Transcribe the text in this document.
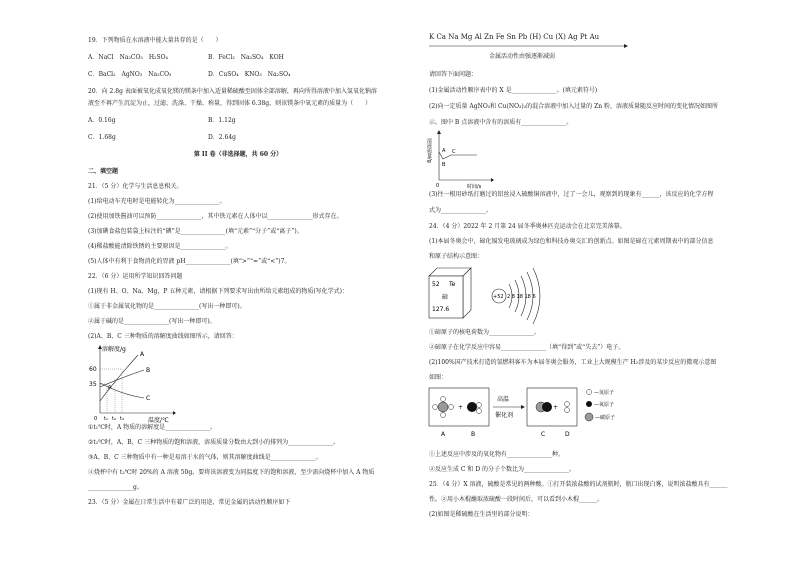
19．下列物质在水溶液中能大量共存的是（　　）
A．NaCl　Na₂CO₃　H₂SO₄	B．FeCl₃　Na₂SO₄　KOH
C．BaCl₂　AgNO₃　Na₂CO₃	D．CuSO₄　KNO₃　Na₂SO₄
20．向 2.8g 表面被氧化成氧化镁的镁条中加入适量稀硫酸至固体全部溶解，再向所得溶液中加入氢氧化钠溶
液至不再产生沉淀为止，过滤、洗涤、干燥、称量，得到固体 6.38g，则该镁条中氧元素的质量为（　　）
A．0.16g	B．1.12g
C．1.68g	D．2.64g
第 II 卷（非选择题，共 60 分）
二、填空题
21．（5 分）化学与生活息息相关。
(1)给电动车充电时是电能转化为_______________。
(2)使用加铁酱油可以预防_______________，其中铁元素在人体中以_______________形式存在。
(3)加碘食盐包装袋上标注的“碘”是_______________(填“元素”“分子”或“离子”)。
(4)稀盐酸能清除铁锈的主要原因是_______________。
(5)人体中有利于食物消化的胃液 pH_______________(填“>”“=”或“<”)7。
22．（6 分）运用所学知识回答问题
(1)现有 H、O、Na、Mg、P 五种元素，请根据下列要求写出由所给元素组成的物质(写化学式)：
①属于非金属氧化物的是_______________(写出一种即可)。
②属于碱的是_______________(写出一种即可)。
(2)A、B、C 三种物质的溶解度曲线如图所示，请回答：
溶解度/g
温度/℃
60
35
0 t₁ t₂ t₃
A
B
C
P
①t₁℃时，A 物质的溶解度是_______________。
②t₂℃时，A、B、C 三种物质的饱和溶液，溶质质量分数由大到小的排列为_______________。
③A、B、C 三种物质中有一种是易溶于水的气体，则其溶解度曲线是_______________。
④烧杯中有 t₂℃时 20%的 A 溶液 50g，要将该溶液变为同温度下的饱和溶液，至少需向烧杯中加入 A 物质
_______________g。
23．（5 分）金属在日常生活中有着广泛的用途，常见金属的活动性顺序如下
K Ca Na Mg Al Zn Fe Sn Pb (H) Cu (X) Ag Pt Au
金属活动性由强逐渐减弱
请回答下面问题：
(1)金属活动性顺序表中的 X 是_______________。(填元素符号)
(2)向一定质量 AgNO₃和 Cu(NO₃)₂的混合溶液中加入过量的 Zn 粉，溶液质量随反应时间的变化情况如图所
示。图中 B 点溶液中含有的溶质有_______________。
溶液质量/g
时间/s
0
A
B
C
(3)往一根用砂纸打磨过的铝丝浸入硫酸铜溶液中，过了一会儿，观察到的现象有______，该反应的化学方程
式为_______________。
24．（4 分）2022 年 2 月第 24 届冬季奥林匹克运动会在北京完美落幕。
(1)本届冬奥会中，碲化镉发电玻璃成为绿色和科技办奥交汇的创新点。如图是碲在元素周期表中的部分信息
和原子结构示意图：
52 Te
碲
127.6
+52 2 8 18 18 6
①碲原子的核电荷数为_______________。
②碲原子在化学反应中容易_______________（填“得到”或“失去”）电子。
(2)100%国产技术打造的氢燃料客车为本届冬奥会服务，工业上大规模生产 H₂涉及的某步反应的微观示意图
如图：
+
高温
催化剂
+
A	B	C	D
—氢原子
—氧原子
—碳原子
①上述反应中涉及的氧化物有_______________种。
②反应生成 C 和 D 的分子个数比为_______________。
25．（4 分）X 溶液，硫酸是常见的两种酸。①打开装浓盐酸的试剂瓶时，瓶口出现白雾，说明浓盐酸具有______
性。②用小木棍蘸取浓硫酸一段时间后，可以看到小木棍______。
(2)如图是稀硫酸在生活里的部分说明：
